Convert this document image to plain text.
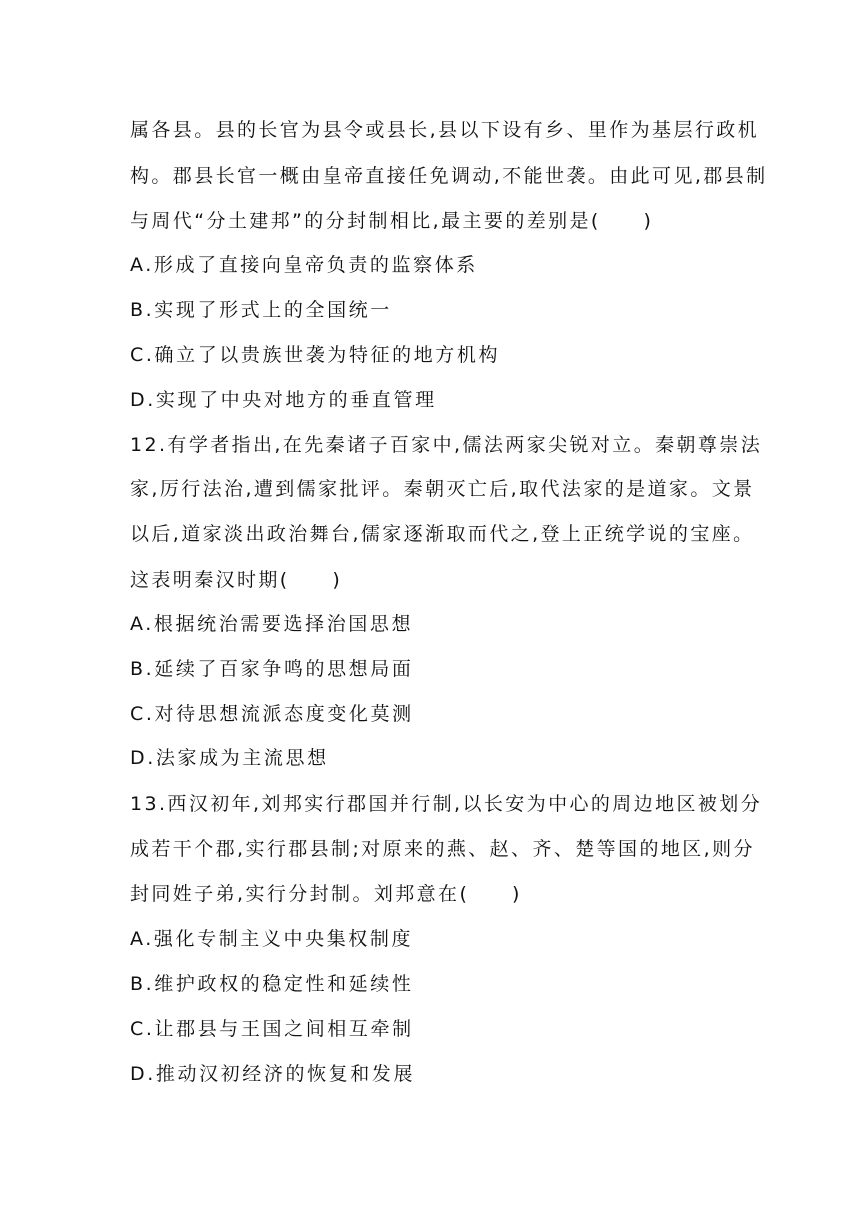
属各县。县的长官为县令或县长,县以下设有乡、里作为基层行政机
构。郡县长官一概由皇帝直接任免调动,不能世袭。由此可见,郡县制
与周代“分土建邦”的分封制相比,最主要的差别是(　　)
A.形成了直接向皇帝负责的监察体系
B.实现了形式上的全国统一
C.确立了以贵族世袭为特征的地方机构
D.实现了中央对地方的垂直管理
12.有学者指出,在先秦诸子百家中,儒法两家尖锐对立。秦朝尊崇法
家,厉行法治,遭到儒家批评。秦朝灭亡后,取代法家的是道家。文景
以后,道家淡出政治舞台,儒家逐渐取而代之,登上正统学说的宝座。
这表明秦汉时期(　　)
A.根据统治需要选择治国思想
B.延续了百家争鸣的思想局面
C.对待思想流派态度变化莫测
D.法家成为主流思想
13.西汉初年,刘邦实行郡国并行制,以长安为中心的周边地区被划分
成若干个郡,实行郡县制;对原来的燕、赵、齐、楚等国的地区,则分
封同姓子弟,实行分封制。刘邦意在(　　)
A.强化专制主义中央集权制度
B.维护政权的稳定性和延续性
C.让郡县与王国之间相互牵制
D.推动汉初经济的恢复和发展
